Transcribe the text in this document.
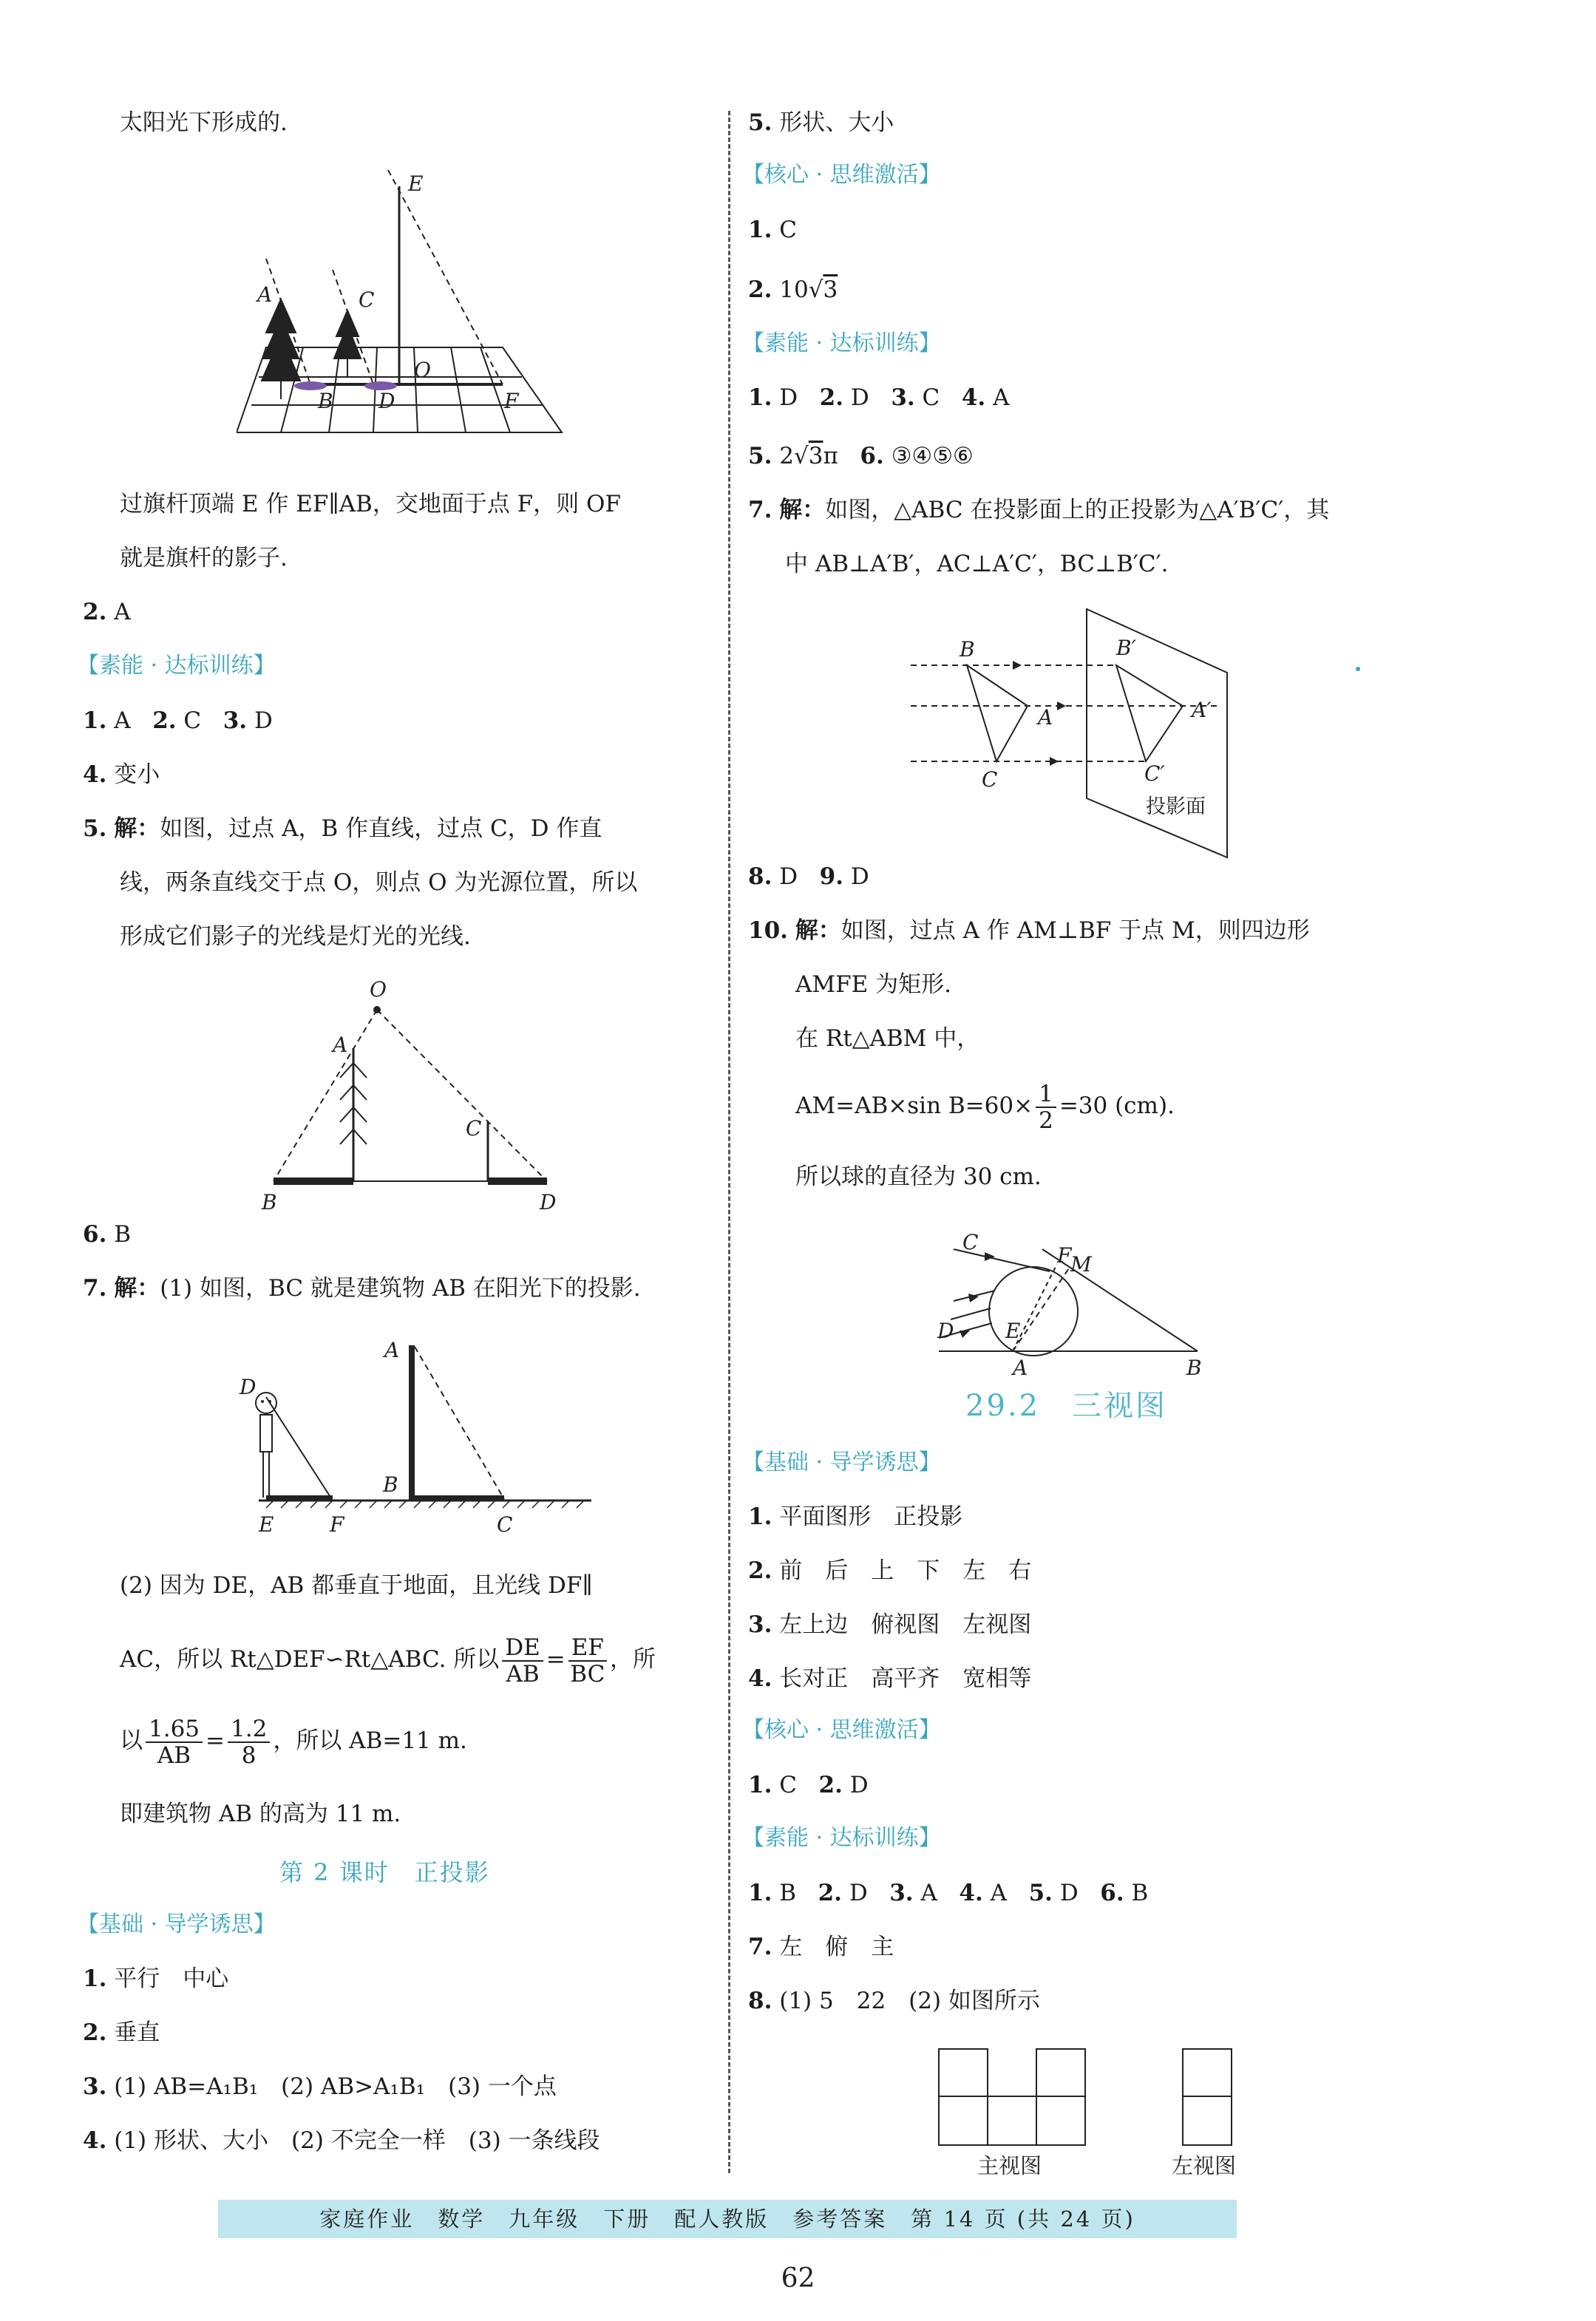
太阳光下形成的.
E
A	C
O
B D	F
过旗杆顶端 E 作 EF∥AB，交地面于点 F，则 OF
就是旗杆的影子.
2. A
【素能 · 达标训练】
1. A 2. C 3. D
4. 变小
5. 解：如图，过点 A，B 作直线，过点 C，D 作直
线，两条直线交于点 O，则点 O 为光源位置，所以
形成它们影子的光线是灯光的光线.
O
A
C
B	D
6. B
7. 解：(1) 如图，BC 就是建筑物 AB 在阳光下的投影.
D
A
B
E	F	C
(2) 因为 DE，AB 都垂直于地面，且光线 DF∥
AC，所以 Rt△DEF∽Rt△ABC. 所以 $\frac{DE}{AB} = \frac{EF}{BC}$ ，所
以 $\frac{1.65}{AB} = \frac{1.2}{8}$ ，所以 AB=11 m.
即建筑物 AB 的高为 11 m.
第 2 课时　正投影
【基础 · 导学诱思】
1. 平行　中心
2. 垂直
3. (1) AB=A₁B₁　(2) AB>A₁B₁　(3) 一个点
4. (1) 形状、大小　(2) 不完全一样　(3) 一条线段
5. 形状、大小
【核心 · 思维激活】
1. C
2. 10√3
【素能 · 达标训练】
1. D 2. D 3. C 4. A
5. 2√3π 6. ③④⑤⑥
7. 解：如图，△ABC 在投影面上的正投影为△A′B′C′，其
中 AB⊥A′B′，AC⊥A′C′，BC⊥B′C′.
B
A
C
B′
A′
C′
投影面
8. D 9. D
10. 解：如图，过点 A 作 AM⊥BF 于点 M，则四边形
AMFE 为矩形.
在 Rt△ABM 中，
AM=AB×sin $B=60\times \frac{1}{2} =30$ (cm).
所以球的直径为 30 cm.
C
F
M
D E
A	B
29.2　三视图
【基础 · 导学诱思】
1. 平面图形　正投影
2. 前　后　上　下　左　右
3. 左上边　俯视图　左视图
4. 长对正　高平齐　宽相等
【核心 · 思维激活】
1. C 2. D
【素能 · 达标训练】
1. B 2. D 3. A 4. A 5. D 6. B
7. 左　俯　主
8. (1) 5　22　(2) 如图所示
主视图	左视图
家庭作业　数学　九年级　下册　配人教版　参考答案　第 14 页 (共 24 页)
62
